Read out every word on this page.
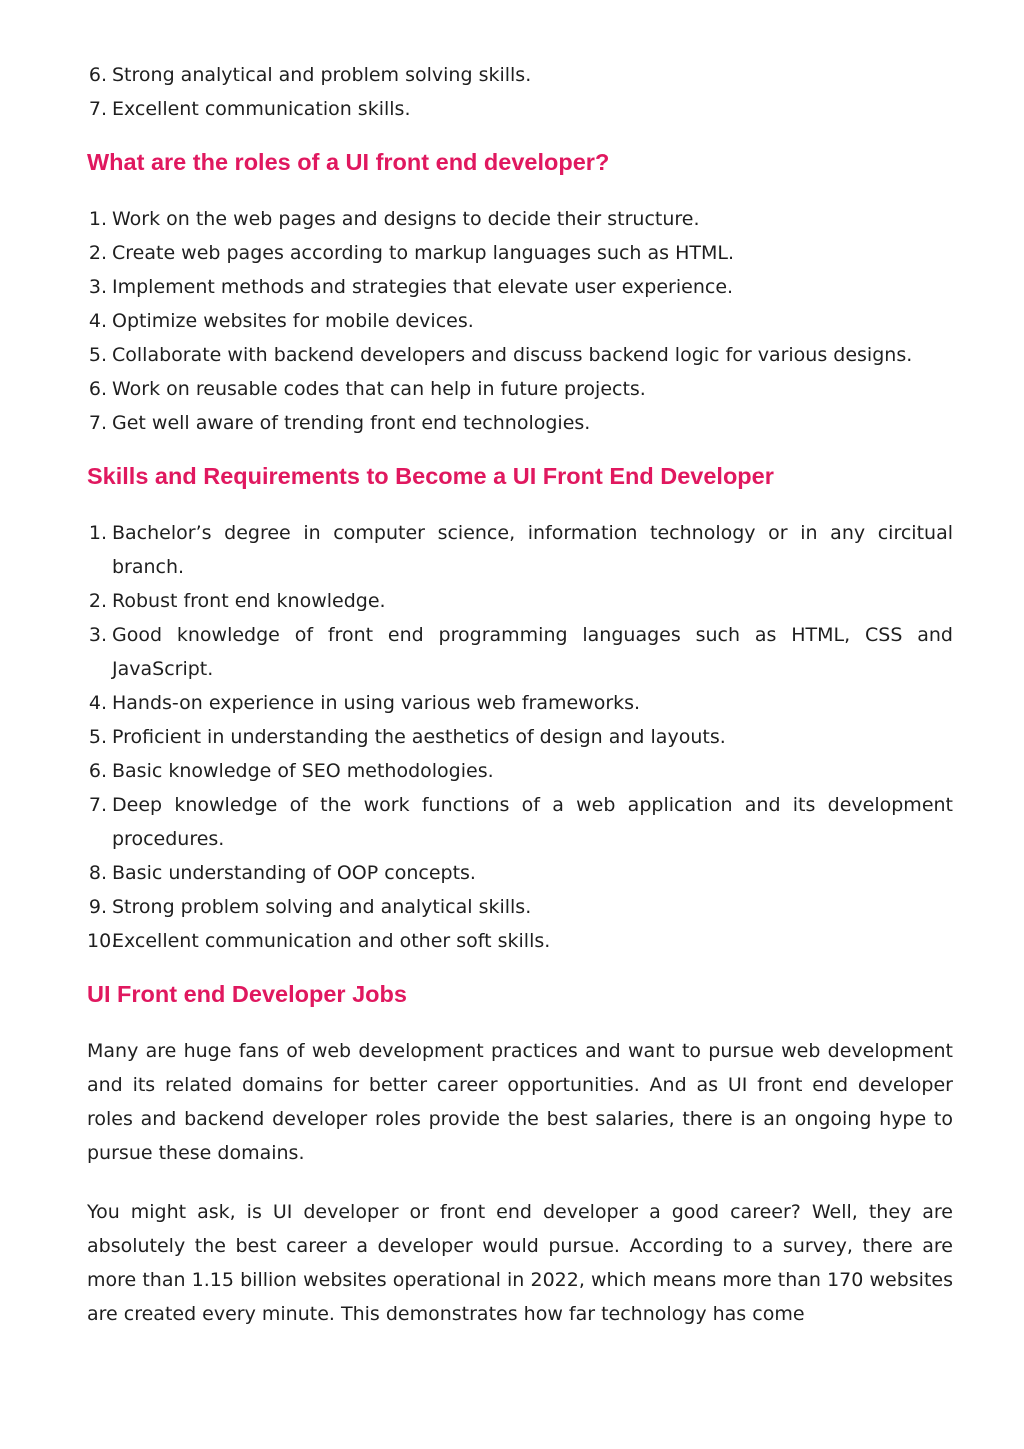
6. Strong analytical and problem solving skills.
7. Excellent communication skills.
What are the roles of a UI front end developer?
1. Work on the web pages and designs to decide their structure.
2. Create web pages according to markup languages such as HTML.
3. Implement methods and strategies that elevate user experience.
4. Optimize websites for mobile devices.
5. Collaborate with backend developers and discuss backend logic for various designs.
6. Work on reusable codes that can help in future projects.
7. Get well aware of trending front end technologies.
Skills and Requirements to Become a UI Front End Developer
1. Bachelor’s degree in computer science, information technology or in any circitual branch.
2. Robust front end knowledge.
3. Good knowledge of front end programming languages such as HTML, CSS and JavaScript.
4. Hands-on experience in using various web frameworks.
5. Proficient in understanding the aesthetics of design and layouts.
6. Basic knowledge of SEO methodologies.
7. Deep knowledge of the work functions of a web application and its development procedures.
8. Basic understanding of OOP concepts.
9. Strong problem solving and analytical skills.
10.
Excellent communication and other soft skills.
UI Front end Developer Jobs

Many are huge fans of web development practices and want to pursue web development and its related domains for better career opportunities. And as UI front end developer roles and backend developer roles provide the best salaries, there is an ongoing hype to pursue these domains.

You might ask, is UI developer or front end developer a good career? Well, they are absolutely the best career a developer would pursue. According to a survey, there are more than 1.15 billion websites operational in 2022, which means more than 170 websites are created every minute. This demonstrates how far technology has come
